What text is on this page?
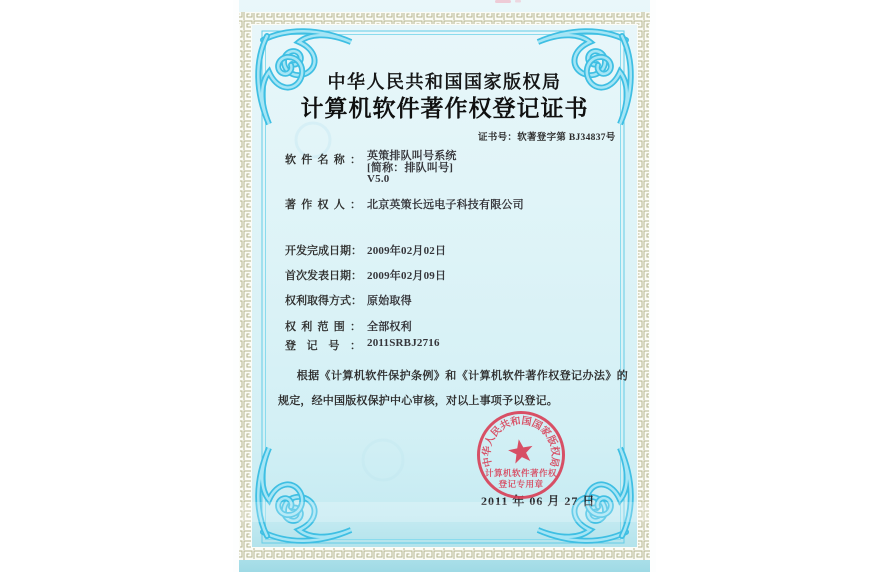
中华人民共和国国家版权局
计算机软件著作权登记证书
证书号：软著登字第 BJ34837号
软件名称： 英策排队叫号系统
[简称：排队叫号]
V5.0
著作权人： 北京英策长远电子科技有限公司
开发完成日期： 2009年02月02日
首次发表日期： 2009年02月09日
权利取得方式： 原始取得
权利范围： 全部权利
登记号： 2011SRBJ2716
根据《计算机软件保护条例》和《计算机软件著作权登记办法》的规定，经中国版权保护中心审核，对以上事项予以登记。
2011 年 06 月 27 日
中
华
人
民
共
和 国
国
家
版
权
局
计算机软件著作权
登记专用章
